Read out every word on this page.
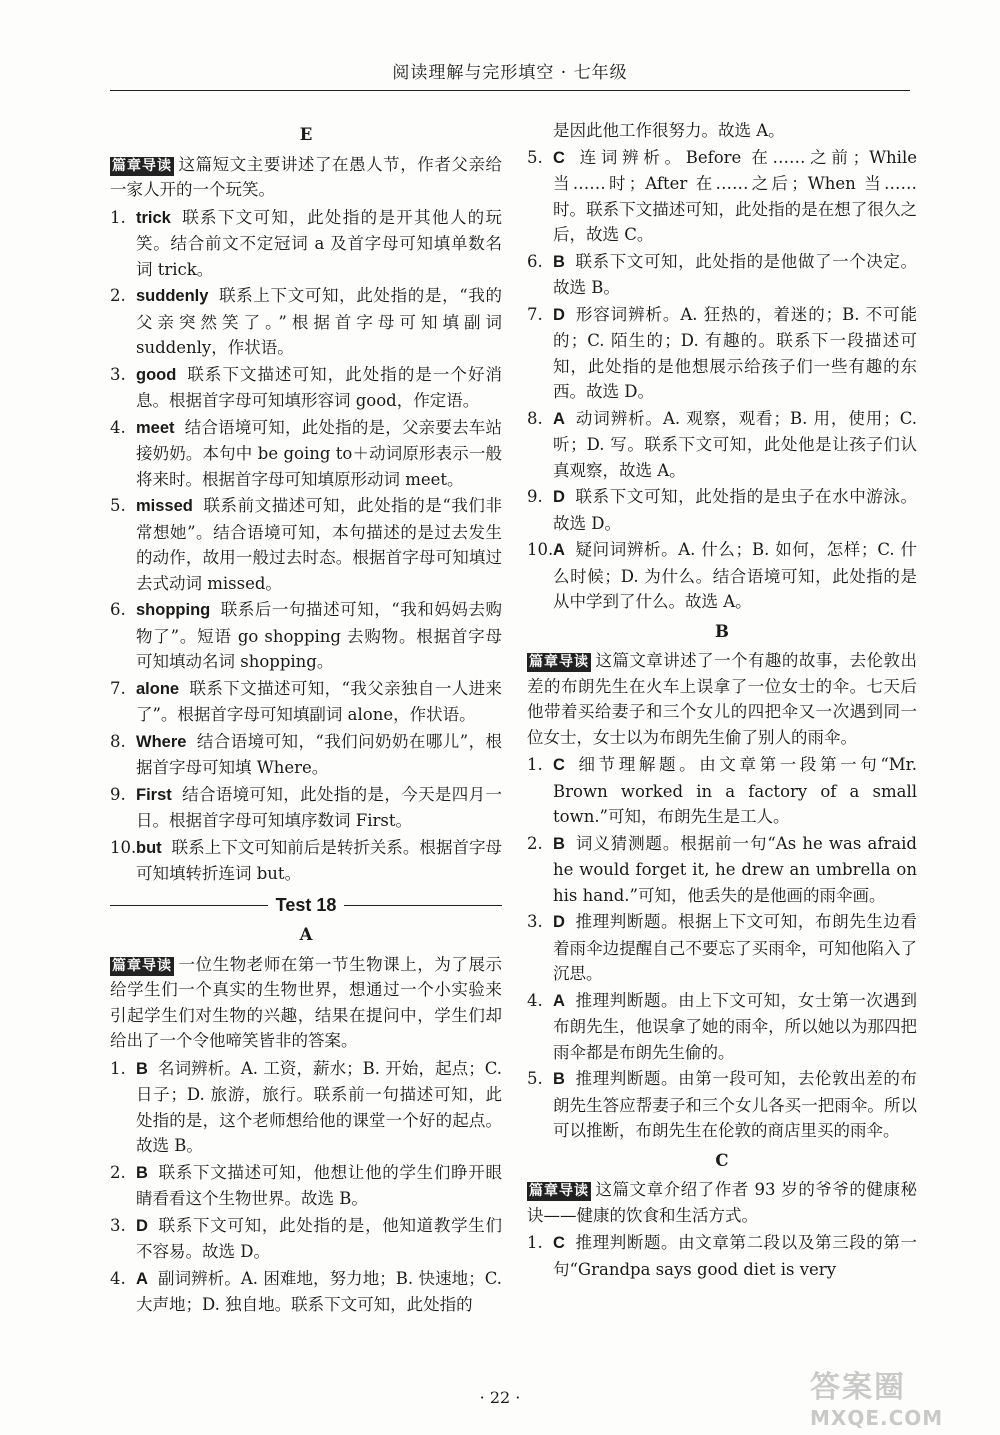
阅读理解与完形填空 · 七年级
E

篇章导读 这篇短文主要讲述了在愚人节，作者父亲给一家人开的一个玩笑。

1. trick 联系下文可知，此处指的是开其他人的玩笑。结合前文不定冠词 a 及首字母可知填单数名词 trick。
2. suddenly 联系上下文可知，此处指的是，“我的父亲突然笑了。”根据首字母可知填副词 suddenly，作状语。
3. good 联系下文描述可知，此处指的是一个好消息。根据首字母可知填形容词 good，作定语。
4. meet 结合语境可知，此处指的是，父亲要去车站接奶奶。本句中 be going to＋动词原形表示一般将来时。根据首字母可知填原形动词 meet。
5. missed 联系前文描述可知，此处指的是“我们非常想她”。结合语境可知，本句描述的是过去发生的动作，故用一般过去时态。根据首字母可知填过去式动词 missed。
6. shopping 联系后一句描述可知，“我和妈妈去购物了”。短语 go shopping 去购物。根据首字母可知填动名词 shopping。
7. alone 联系下文描述可知，“我父亲独自一人进来了”。根据首字母可知填副词 alone，作状语。
8. Where 结合语境可知，“我们问奶奶在哪儿”，根据首字母可知填 Where。
9. First 结合语境可知，此处指的是，今天是四月一日。根据首字母可知填序数词 First。
10. but 联系上下文可知前后是转折关系。根据首字母可知填转折连词 but。
Test 18
A

篇章导读 一位生物老师在第一节生物课上，为了展示给学生们一个真实的生物世界，想通过一个小实验来引起学生们对生物的兴趣，结果在提问中，学生们却给出了一个令他啼笑皆非的答案。

1. B 名词辨析。A. 工资，薪水；B. 开始，起点；C. 日子；D. 旅游，旅行。联系前一句描述可知，此处指的是，这个老师想给他的课堂一个好的起点。故选 B。
2. B 联系下文描述可知，他想让他的学生们睁开眼睛看看这个生物世界。故选 B。
3. D 联系下文可知，此处指的是，他知道教学生们不容易。故选 D。
4. A 副词辨析。A. 困难地，努力地；B. 快速地；C. 大声地；D. 独自地。联系下文可知，此处指的
是因此他工作很努力。故选 A。
5. C 连词辨析。Before 在……之前；While 当……时；After 在……之后；When 当……时。联系下文描述可知，此处指的是在想了很久之后，故选 C。
6. B 联系下文可知，此处指的是他做了一个决定。故选 B。
7. D 形容词辨析。A. 狂热的，着迷的；B. 不可能的；C. 陌生的；D. 有趣的。联系下一段描述可知，此处指的是他想展示给孩子们一些有趣的东西。故选 D。
8. A 动词辨析。A. 观察，观看；B. 用，使用；C. 听；D. 写。联系下文可知，此处他是让孩子们认真观察，故选 A。
9. D 联系下文可知，此处指的是虫子在水中游泳。故选 D。
10. A 疑问词辨析。A. 什么；B. 如何，怎样；C. 什么时候；D. 为什么。结合语境可知，此处指的是从中学到了什么。故选 A。
B

篇章导读 这篇文章讲述了一个有趣的故事，去伦敦出差的布朗先生在火车上误拿了一位女士的伞。七天后他带着买给妻子和三个女儿的四把伞又一次遇到同一位女士，女士以为布朗先生偷了别人的雨伞。

1. C 细节理解题。由文章第一段第一句“Mr. Brown worked in a factory of a small town.”可知，布朗先生是工人。
2. B 词义猜测题。根据前一句“As he was afraid he would forget it, he drew an umbrella on his hand.”可知，他丢失的是他画的雨伞画。
3. D 推理判断题。根据上下文可知，布朗先生边看着雨伞边提醒自己不要忘了买雨伞，可知他陷入了沉思。
4. A 推理判断题。由上下文可知，女士第一次遇到布朗先生，他误拿了她的雨伞，所以她以为那四把雨伞都是布朗先生偷的。
5. B 推理判断题。由第一段可知，去伦敦出差的布朗先生答应帮妻子和三个女儿各买一把雨伞。所以可以推断，布朗先生在伦敦的商店里买的雨伞。
C

篇章导读 这篇文章介绍了作者 93 岁的爷爷的健康秘诀——健康的饮食和生活方式。

1. C 推理判断题。由文章第二段以及第三段的第一句“Grandpa says good diet is very
· 22 ·	答案圈
MXQE.COM
